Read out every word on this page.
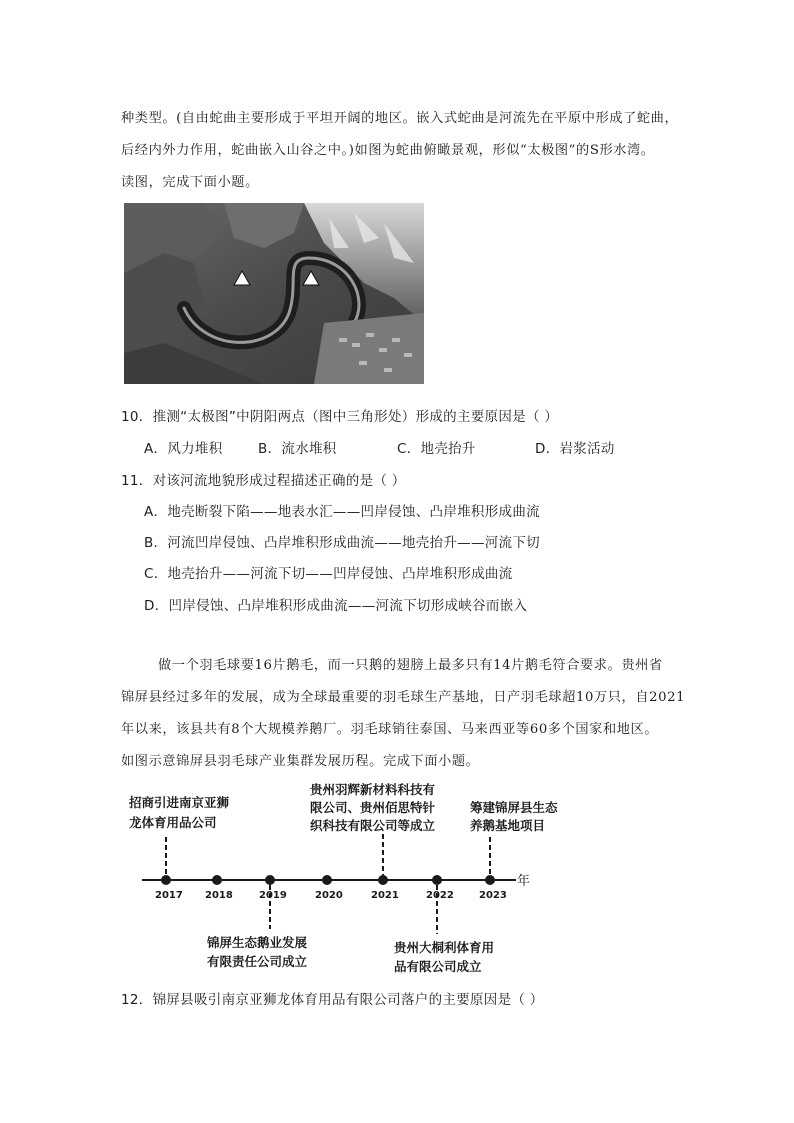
种类型。(自由蛇曲主要形成于平坦开阔的地区。嵌入式蛇曲是河流先在平原中形成了蛇曲，
后经内外力作用，蛇曲嵌入山谷之中。)如图为蛇曲俯瞰景观，形似“太极图”的S形水湾。
读图，完成下面小题。
10．推测“太极图”中阴阳两点（图中三角形处）形成的主要原因是（ ）
A．风力堆积	B．流水堆积	C．地壳抬升	D．岩浆活动
11．对该河流地貌形成过程描述正确的是（ ）
A．地壳断裂下陷——地表水汇——凹岸侵蚀、凸岸堆积形成曲流
B．河流凹岸侵蚀、凸岸堆积形成曲流——地壳抬升——河流下切
C．地壳抬升——河流下切——凹岸侵蚀、凸岸堆积形成曲流
D．凹岸侵蚀、凸岸堆积形成曲流——河流下切形成峡谷而嵌入
做一个羽毛球要16片鹅毛，而一只鹅的翅膀上最多只有14片鹅毛符合要求。贵州省
锦屏县经过多年的发展，成为全球最重要的羽毛球生产基地，日产羽毛球超10万只，自2021
年以来，该县共有8个大规模养鹅厂。羽毛球销往泰国、马来西亚等60多个国家和地区。
如图示意锦屏县羽毛球产业集群发展历程。完成下面小题。
年
2017 2018	2019	2020	2021	2022	2023
招商引进南京亚狮
龙体育用品公司
贵州羽辉新材料科技有
限公司、贵州佰思特针
织科技有限公司等成立
筹建锦屏县生态
养鹅基地项目
锦屏生态鹅业发展
有限责任公司成立
贵州大桐利体育用
品有限公司成立
12．锦屏县吸引南京亚狮龙体育用品有限公司落户的主要原因是（ ）
